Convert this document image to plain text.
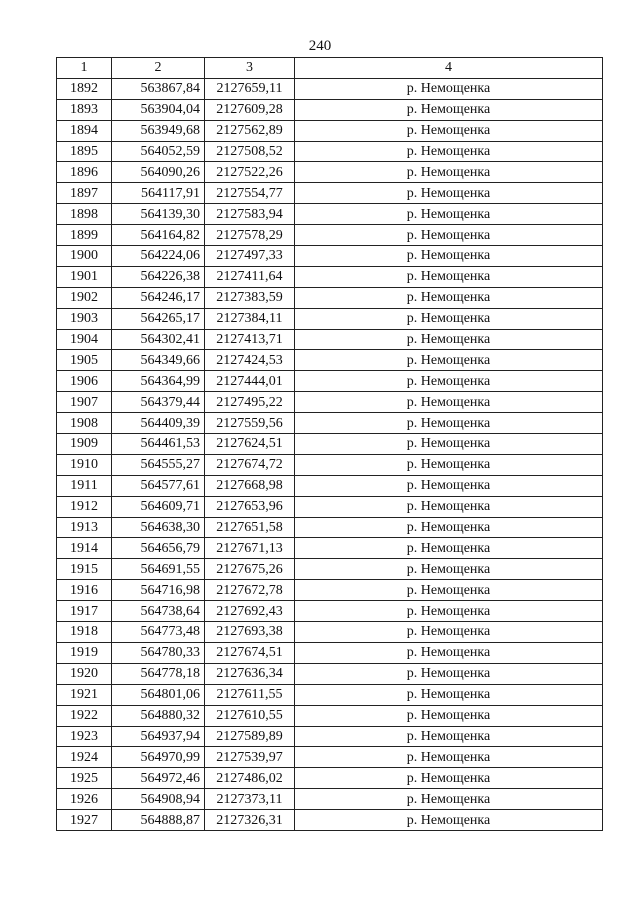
240
1	2	3	4
1892	563867,84	2127659,11	р. Немощенка
1893	563904,04	2127609,28	р. Немощенка
1894	563949,68	2127562,89	р. Немощенка
1895	564052,59	2127508,52	р. Немощенка
1896	564090,26	2127522,26	р. Немощенка
1897	564117,91	2127554,77	р. Немощенка
1898	564139,30	2127583,94	р. Немощенка
1899	564164,82	2127578,29	р. Немощенка
1900	564224,06	2127497,33	р. Немощенка
1901	564226,38	2127411,64	р. Немощенка
1902	564246,17	2127383,59	р. Немощенка
1903	564265,17	2127384,11	р. Немощенка
1904	564302,41	2127413,71	р. Немощенка
1905	564349,66	2127424,53	р. Немощенка
1906	564364,99	2127444,01	р. Немощенка
1907	564379,44	2127495,22	р. Немощенка
1908	564409,39	2127559,56	р. Немощенка
1909	564461,53	2127624,51	р. Немощенка
1910	564555,27	2127674,72	р. Немощенка
1911	564577,61	2127668,98	р. Немощенка
1912	564609,71	2127653,96	р. Немощенка
1913	564638,30	2127651,58	р. Немощенка
1914	564656,79	2127671,13	р. Немощенка
1915	564691,55	2127675,26	р. Немощенка
1916	564716,98	2127672,78	р. Немощенка
1917	564738,64	2127692,43	р. Немощенка
1918	564773,48	2127693,38	р. Немощенка
1919	564780,33	2127674,51	р. Немощенка
1920	564778,18	2127636,34	р. Немощенка
1921	564801,06	2127611,55	р. Немощенка
1922	564880,32	2127610,55	р. Немощенка
1923	564937,94	2127589,89	р. Немощенка
1924	564970,99	2127539,97	р. Немощенка
1925	564972,46	2127486,02	р. Немощенка
1926	564908,94	2127373,11	р. Немощенка
1927	564888,87	2127326,31	р. Немощенка
